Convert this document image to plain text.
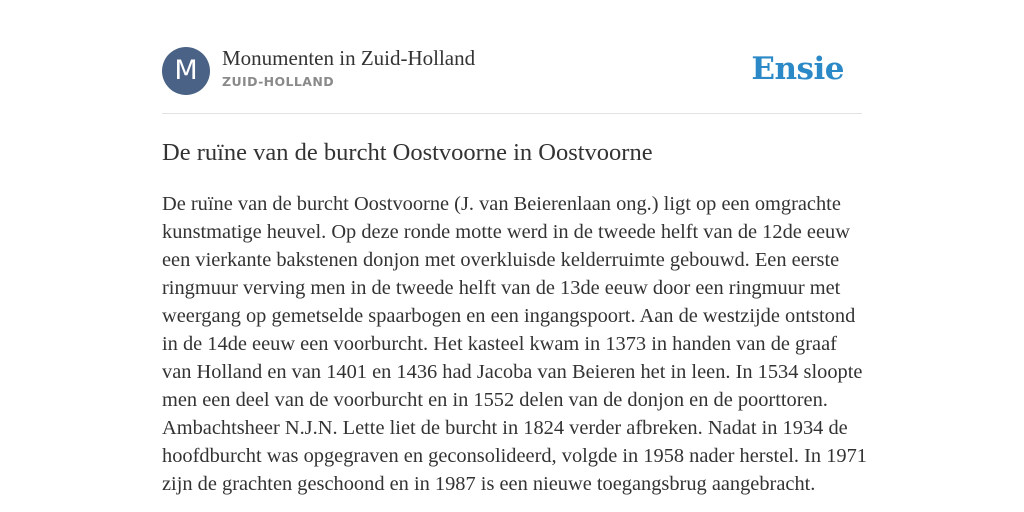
M	Monumenten in Zuid-Holland
ZUID-HOLLAND	Ensie
De ruïne van de burcht Oostvoorne in Oostvoorne

De ruïne van de burcht Oostvoorne (J. van Beierenlaan ong.) ligt op een omgrachte kunstmatige heuvel. Op deze ronde motte werd in de tweede helft van de 12de eeuw een vierkante bakstenen donjon met overkluisde kelderruimte gebouwd. Een eerste ringmuur verving men in de tweede helft van de 13de eeuw door een ringmuur met weergang op gemetselde spaarbogen en een ingangspoort. Aan de westzijde ontstond in de 14de eeuw een voorburcht. Het kasteel kwam in 1373 in handen van de graaf van Holland en van 1401 en 1436 had Jacoba van Beieren het in leen. In 1534 sloopte men een deel van de voorburcht en in 1552 delen van de donjon en de poorttoren. Ambachtsheer N.J.N. Lette liet de burcht in 1824 verder afbreken. Nadat in 1934 de hoofdburcht was opgegraven en geconsolideerd, volgde in 1958 nader herstel. In 1971 zijn de grachten geschoond en in 1987 is een nieuwe toegangsbrug aangebracht.
